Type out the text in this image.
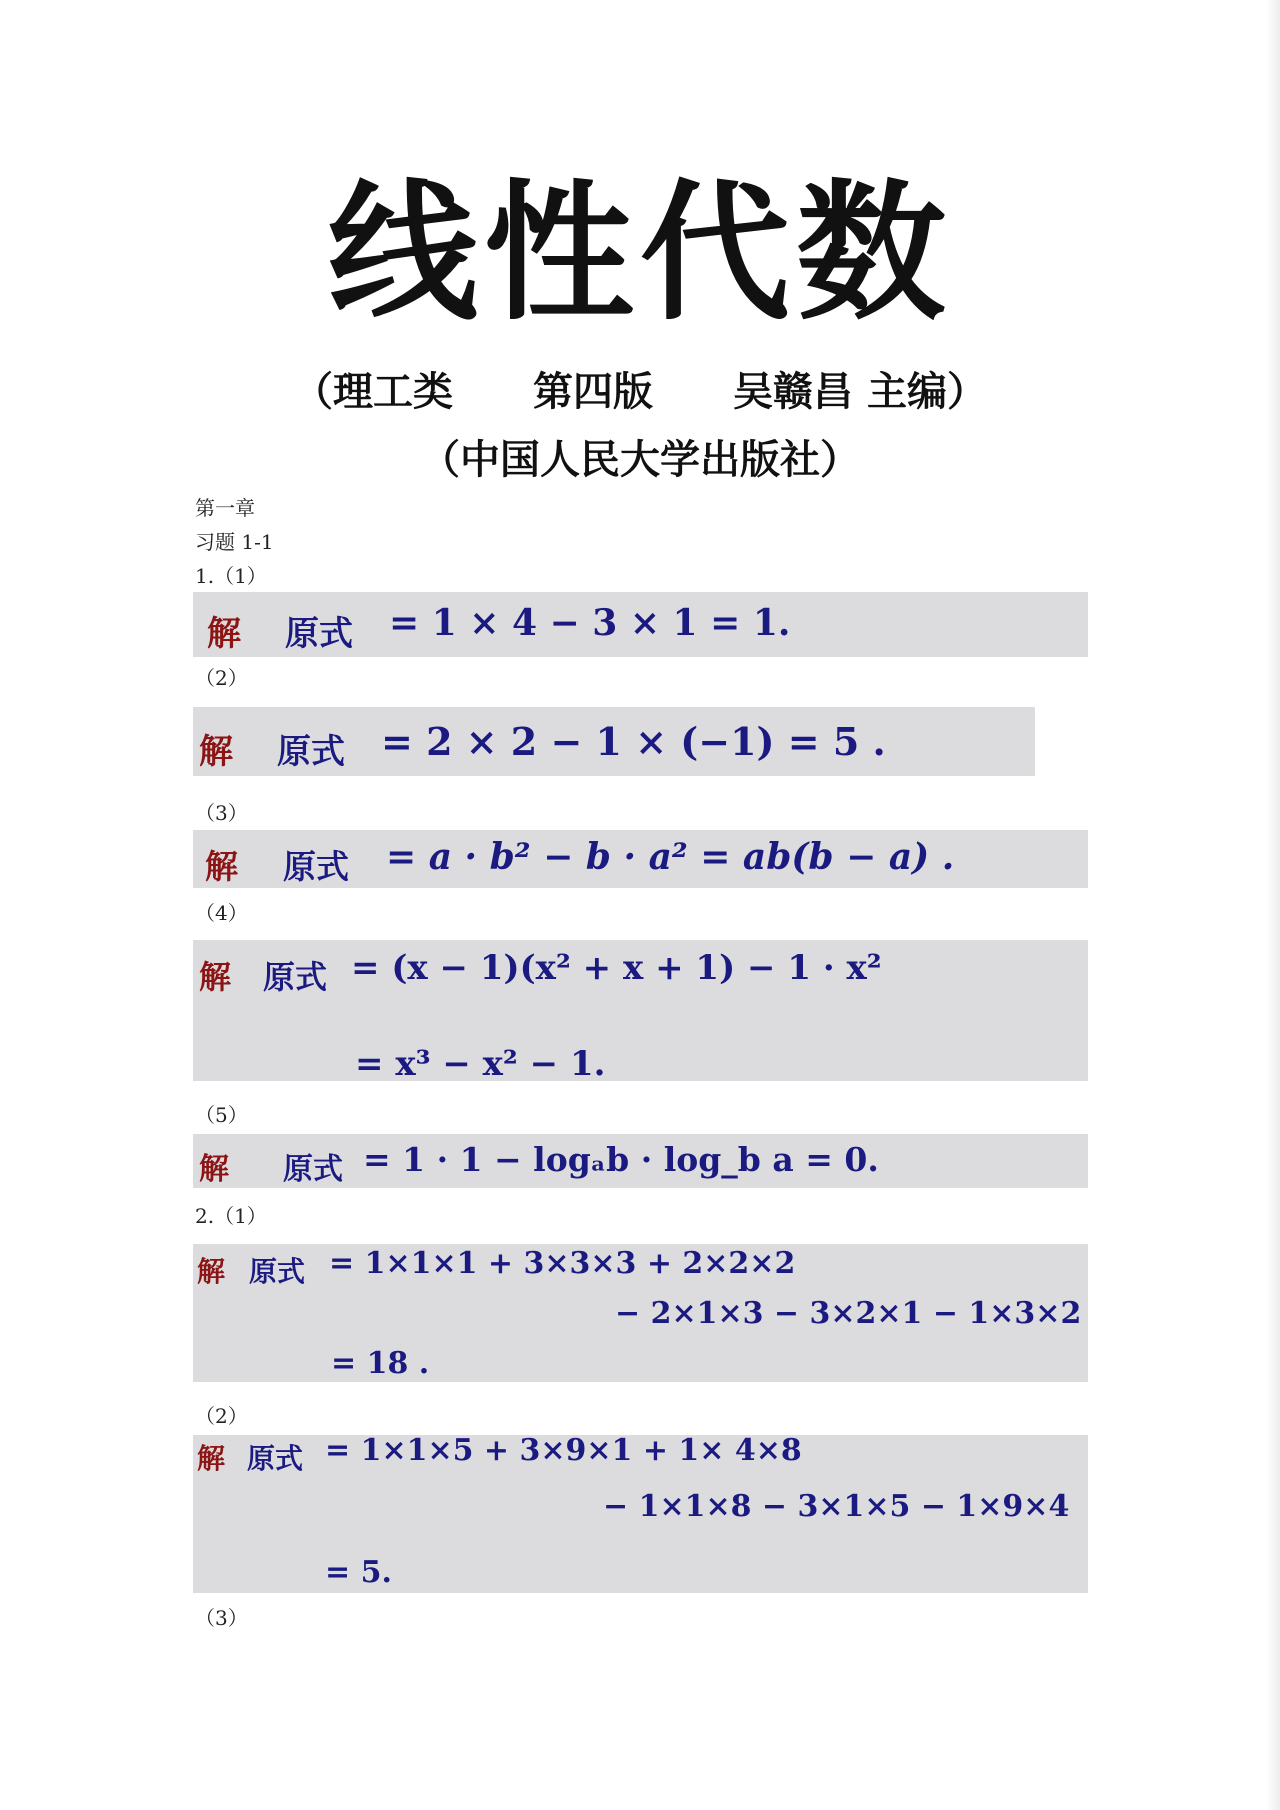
线性代数
（理工类　　第四版　　吴赣昌 主编）
（中国人民大学出版社）
第一章
习题 1-1
1.（1）
解 原式 = 1 × 4 − 3 × 1 = 1.
（2）
解 原式 = 2 × 2 − 1 × (−1) = 5 .
（3）
解 原式 = a · b² − b · a² = ab(b − a) .
（4）
解 原式 = (x − 1)(x² + x + 1) − 1 · x²
= x³ − x² − 1.
（5）
解 原式 = 1 · 1 − logₐb · log_b a = 0.
2.（1）
解 原式 = 1×1×1 + 3×3×3 + 2×2×2
− 2×1×3 − 3×2×1 − 1×3×2
= 18 .
（2）
解 原式 = 1×1×5 + 3×9×1 + 1× 4×8
− 1×1×8 − 3×1×5 − 1×9×4
= 5.
（3）
